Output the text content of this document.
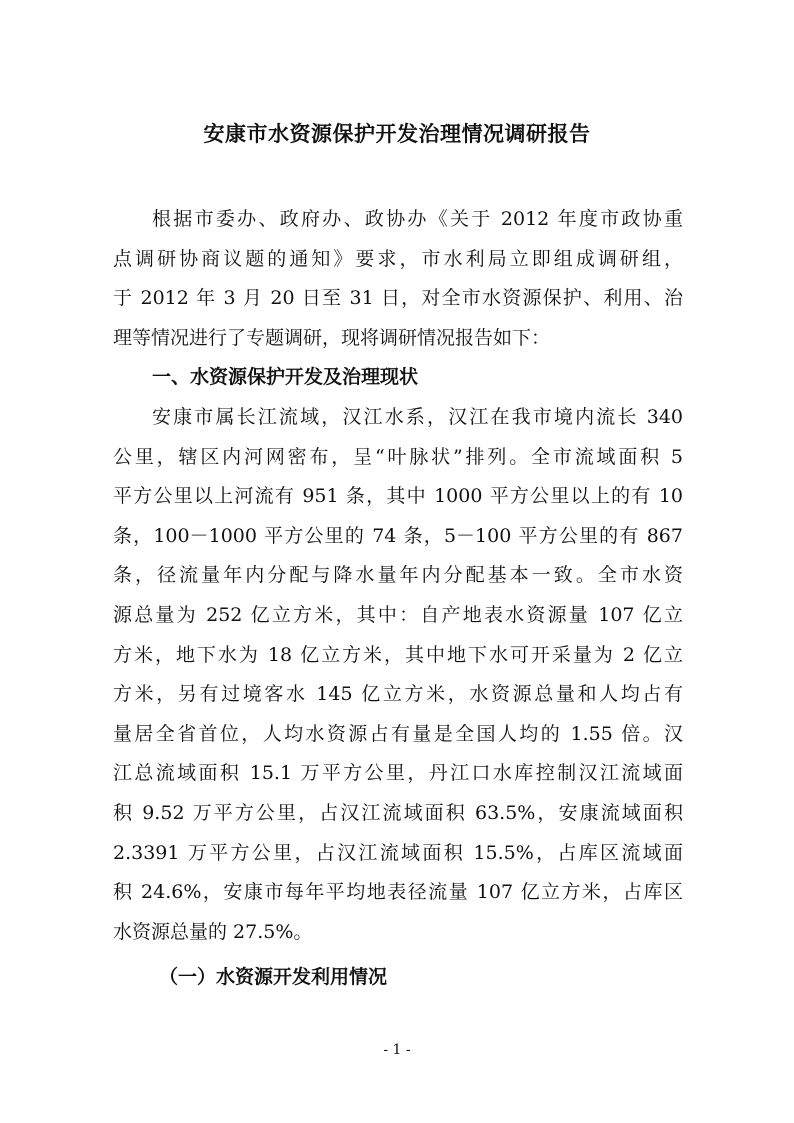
安康市水资源保护开发治理情况调研报告
根据市委办、政府办、政协办《关于 2012 年度市政协重
点调研协商议题的通知》要求，市水利局立即组成调研组，
于 2012 年 3 月 20 日至 31 日，对全市水资源保护、利用、治
理等情况进行了专题调研，现将调研情况报告如下：
一、水资源保护开发及治理现状
安康市属长江流域，汉江水系，汉江在我市境内流长 340
公里，辖区内河网密布，呈“叶脉状”排列。全市流域面积 5
平方公里以上河流有 951 条，其中 1000 平方公里以上的有 10
条，100－1000 平方公里的 74 条，5－100 平方公里的有 867
条，径流量年内分配与降水量年内分配基本一致。全市水资
源总量为 252 亿立方米，其中：自产地表水资源量 107 亿立
方米，地下水为 18 亿立方米，其中地下水可开采量为 2 亿立
方米，另有过境客水 145 亿立方米，水资源总量和人均占有
量居全省首位，人均水资源占有量是全国人均的 1.55 倍。汉
江总流域面积 15.1 万平方公里，丹江口水库控制汉江流域面
积 9.52 万平方公里，占汉江流域面积 63.5%，安康流域面积
2.3391 万平方公里，占汉江流域面积 15.5%，占库区流域面
积 24.6%，安康市每年平均地表径流量 107 亿立方米，占库区
水资源总量的 27.5%。
（一）水资源开发利用情况
- 1 -
